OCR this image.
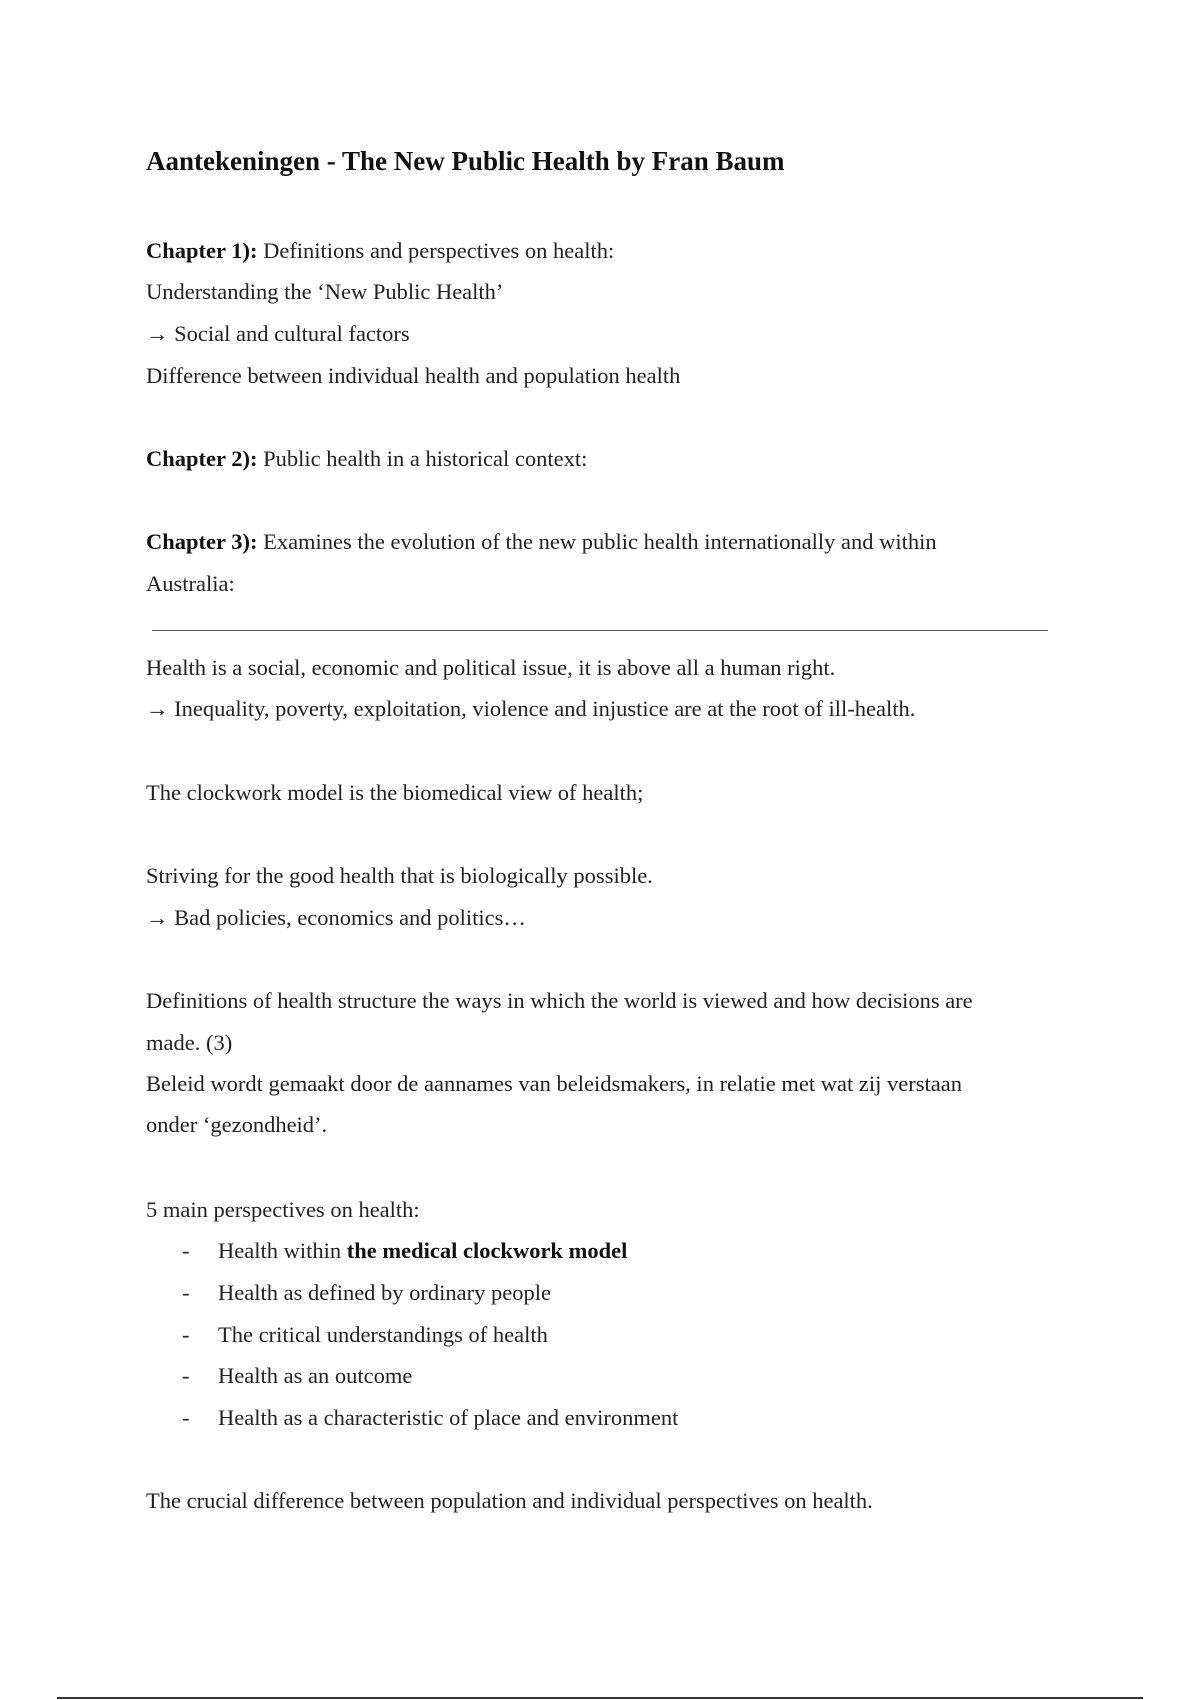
Aantekeningen - The New Public Health by Fran Baum
Chapter 1): Definitions and perspectives on health:
Understanding the ‘New Public Health’
→ Social and cultural factors
Difference between individual health and population health
Chapter 2): Public health in a historical context:
Chapter 3): Examines the evolution of the new public health internationally and within
Australia:
Health is a social, economic and political issue, it is above all a human right.
→ Inequality, poverty, exploitation, violence and injustice are at the root of ill-health.
The clockwork model is the biomedical view of health;
Striving for the good health that is biologically possible.
→ Bad policies, economics and politics…
Definitions of health structure the ways in which the world is viewed and how decisions are
made. (3)
Beleid wordt gemaakt door de aannames van beleidsmakers, in relatie met wat zij verstaan
onder ‘gezondheid’.
5 main perspectives on health:
- Health within the medical clockwork model
- Health as defined by ordinary people
- The critical understandings of health
- Health as an outcome
- Health as a characteristic of place and environment
The crucial difference between population and individual perspectives on health.
